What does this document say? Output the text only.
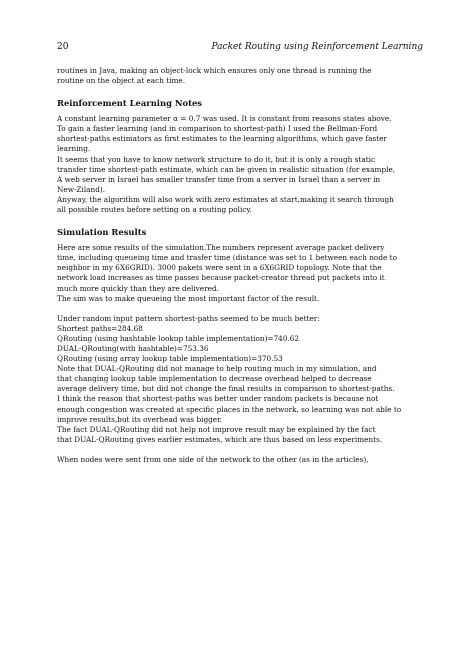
20	Packet Routing using Reinforcement Learning

routines in Java, making an object-lock which ensures only one thread is running the

routine on the object at each time.

Reinforcement Learning Notes

A constant learning parameter α = 0.7 was used. It is constant from reasons states above.

To gain a faster learning (and in comparison to shortest-path) I used the Bellman-Ford

shortest-paths estimators as first estimates to the learning algorithms, which gave faster

learning.

It seems that you have to know network structure to do it, but it is only a rough static

transfer time shortest-path estimate, which can be given in realistic situation (for example,

A web server in Israel has smaller transfer time from a server in Israel than a server in

New-Ziland).

Anyway, the algorithm will also work with zero estimates at start,making it search through

all possible routes before setting on a routing policy.

Simulation Results

Here are some results of the simulation.The numbers represent average packet delivery

time, including queueing time and trasfer time (distance was set to 1 between each node to

neighbor in my 6X6GRID). 3000 pakets were sent in a 6X6GRID topology. Note that the

network load increases as time passes because packet-creator thread put packets into it

much more quickly than they are delivered.

The sim was to make queueing the most important factor of the result.

Under random input pattern shortest-paths seemed to be much better:

Shortest paths=284.68

QRouting (using hashtable lookup table implementation)=740.62

DUAL-QRouting(with hashtable)=753.36

QRouting (using array lookup table implementation)=370.53

Note that DUAL-QRouting did not manage to help routing much in my simulation, and

that changing lookup table implementation to decrease overhead helped to decrease

average delivery time, but did not change the final results in comparison to shortest-paths.

I think the reason that shortest-paths was better under random packets is because not

enough congestion was created at specific places in the network, so learning was not able to

improve results,but its overhead was bigger.

The fact DUAL-QRouting did not help not improve result may be explained by the fact

that DUAL-QRouting gives earlier estimates, which are thus based on less experiments.

When nodes were sent from one side of the network to the other (as in the articles),
